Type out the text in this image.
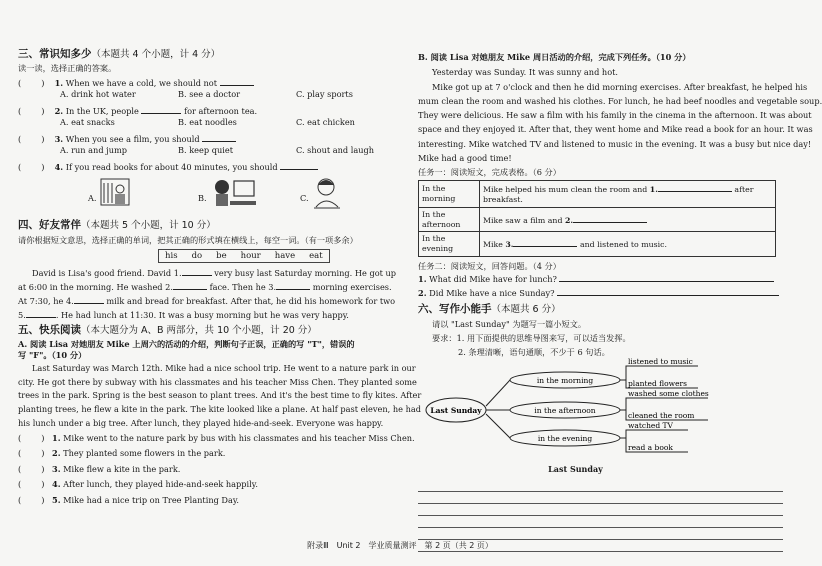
三、常识知多少（本题共 4 个小题，计 4 分）
读一读，选择正确的答案。
( ) 1. When we have a cold, we should not
A. drink hot water	B. see a doctor	C. play sports
( ) 2. In the UK, people	for afternoon tea.
A. eat snacks	B. eat noodles	C. eat chicken
( ) 3. When you see a film, you should
A. run and jump	B. keep quiet	C. shout and laugh
( ) 4. If you read books for about 40 minutes, you should
A.	B.	C.
四、好友常伴（本题共 5 个小题，计 10 分）
请你根据短文意思，选择正确的单词，把其正确的形式填在横线上，每空一词。（有一项多余）
his do be hour have eat
David is Lisa's good friend. David 1.	very busy last Saturday morning. He got up
at 6:00 in the morning. He washed 2.	face. Then he 3.	morning exercises.
At 7:30, he 4.	milk and bread for breakfast. After that, he did his homework for two
5.	. He had lunch at 11:30. It was a busy morning but he was very happy.
五、快乐阅读（本大题分为 A、B 两部分，共 10 个小题，计 20 分）
A. 阅读 Lisa 对她朋友 Mike 上周六的活动的介绍，判断句子正误，正确的写 "T"，错误的
写 "F"。（10 分）
Last Saturday was March 12th. Mike had a nice school trip. He went to a nature park in our
city. He got there by subway with his classmates and his teacher Miss Chen. They planted some
trees in the park. Spring is the best season to plant trees. And it's the best time to fly kites. After
planting trees, he flew a kite in the park. The kite looked like a plane. At half past eleven, he had
his lunch under a big tree. After lunch, they played hide-and-seek. Everyone was happy.
( ) 1. Mike went to the nature park by bus with his classmates and his teacher Miss Chen.
( ) 2. They planted some flowers in the park.
( ) 3. Mike flew a kite in the park.
( ) 4. After lunch, they played hide-and-seek happily.
( ) 5. Mike had a nice trip on Tree Planting Day.
B. 阅读 Lisa 对她朋友 Mike 周日活动的介绍，完成下列任务。（10 分）
Yesterday was Sunday. It was sunny and hot.
Mike got up at 7 o'clock and then he did morning exercises. After breakfast, he helped his
mum clean the room and washed his clothes. For lunch, he had beef noodles and vegetable soup.
They were delicious. He saw a film with his family in the cinema in the afternoon. It was about
space and they enjoyed it. After that, they went home and Mike read a book for an hour. It was
interesting. Mike watched TV and listened to music in the evening. It was a busy but nice day!
Mike had a good time!
任务一：阅读短文，完成表格。（6 分）
In the morning	Mike helped his mum clean the room and 1. after breakfast.
In the afternoon	Mike saw a film and 2.
In the evening	Mike 3. and listened to music.
任务二：阅读短文，回答问题。（4 分）
1. What did Mike have for lunch?
2. Did Mike have a nice Sunday?
六、写作小能手（本题共 6 分）
请以 "Last Sunday" 为题写一篇小短文。
要求：1. 用下面提供的思维导图来写，可以适当发挥。
2. 条理清晰，语句通顺，不少于 6 句话。
Last Sunday
in the morning
in the afternoon
in the evening
listened to music
planted flowers
washed some clothes
cleaned the room
watched TV
read a book
Last Sunday
附录Ⅲ　Unit 2　学业质量测评　第 2 页（共 2 页）
